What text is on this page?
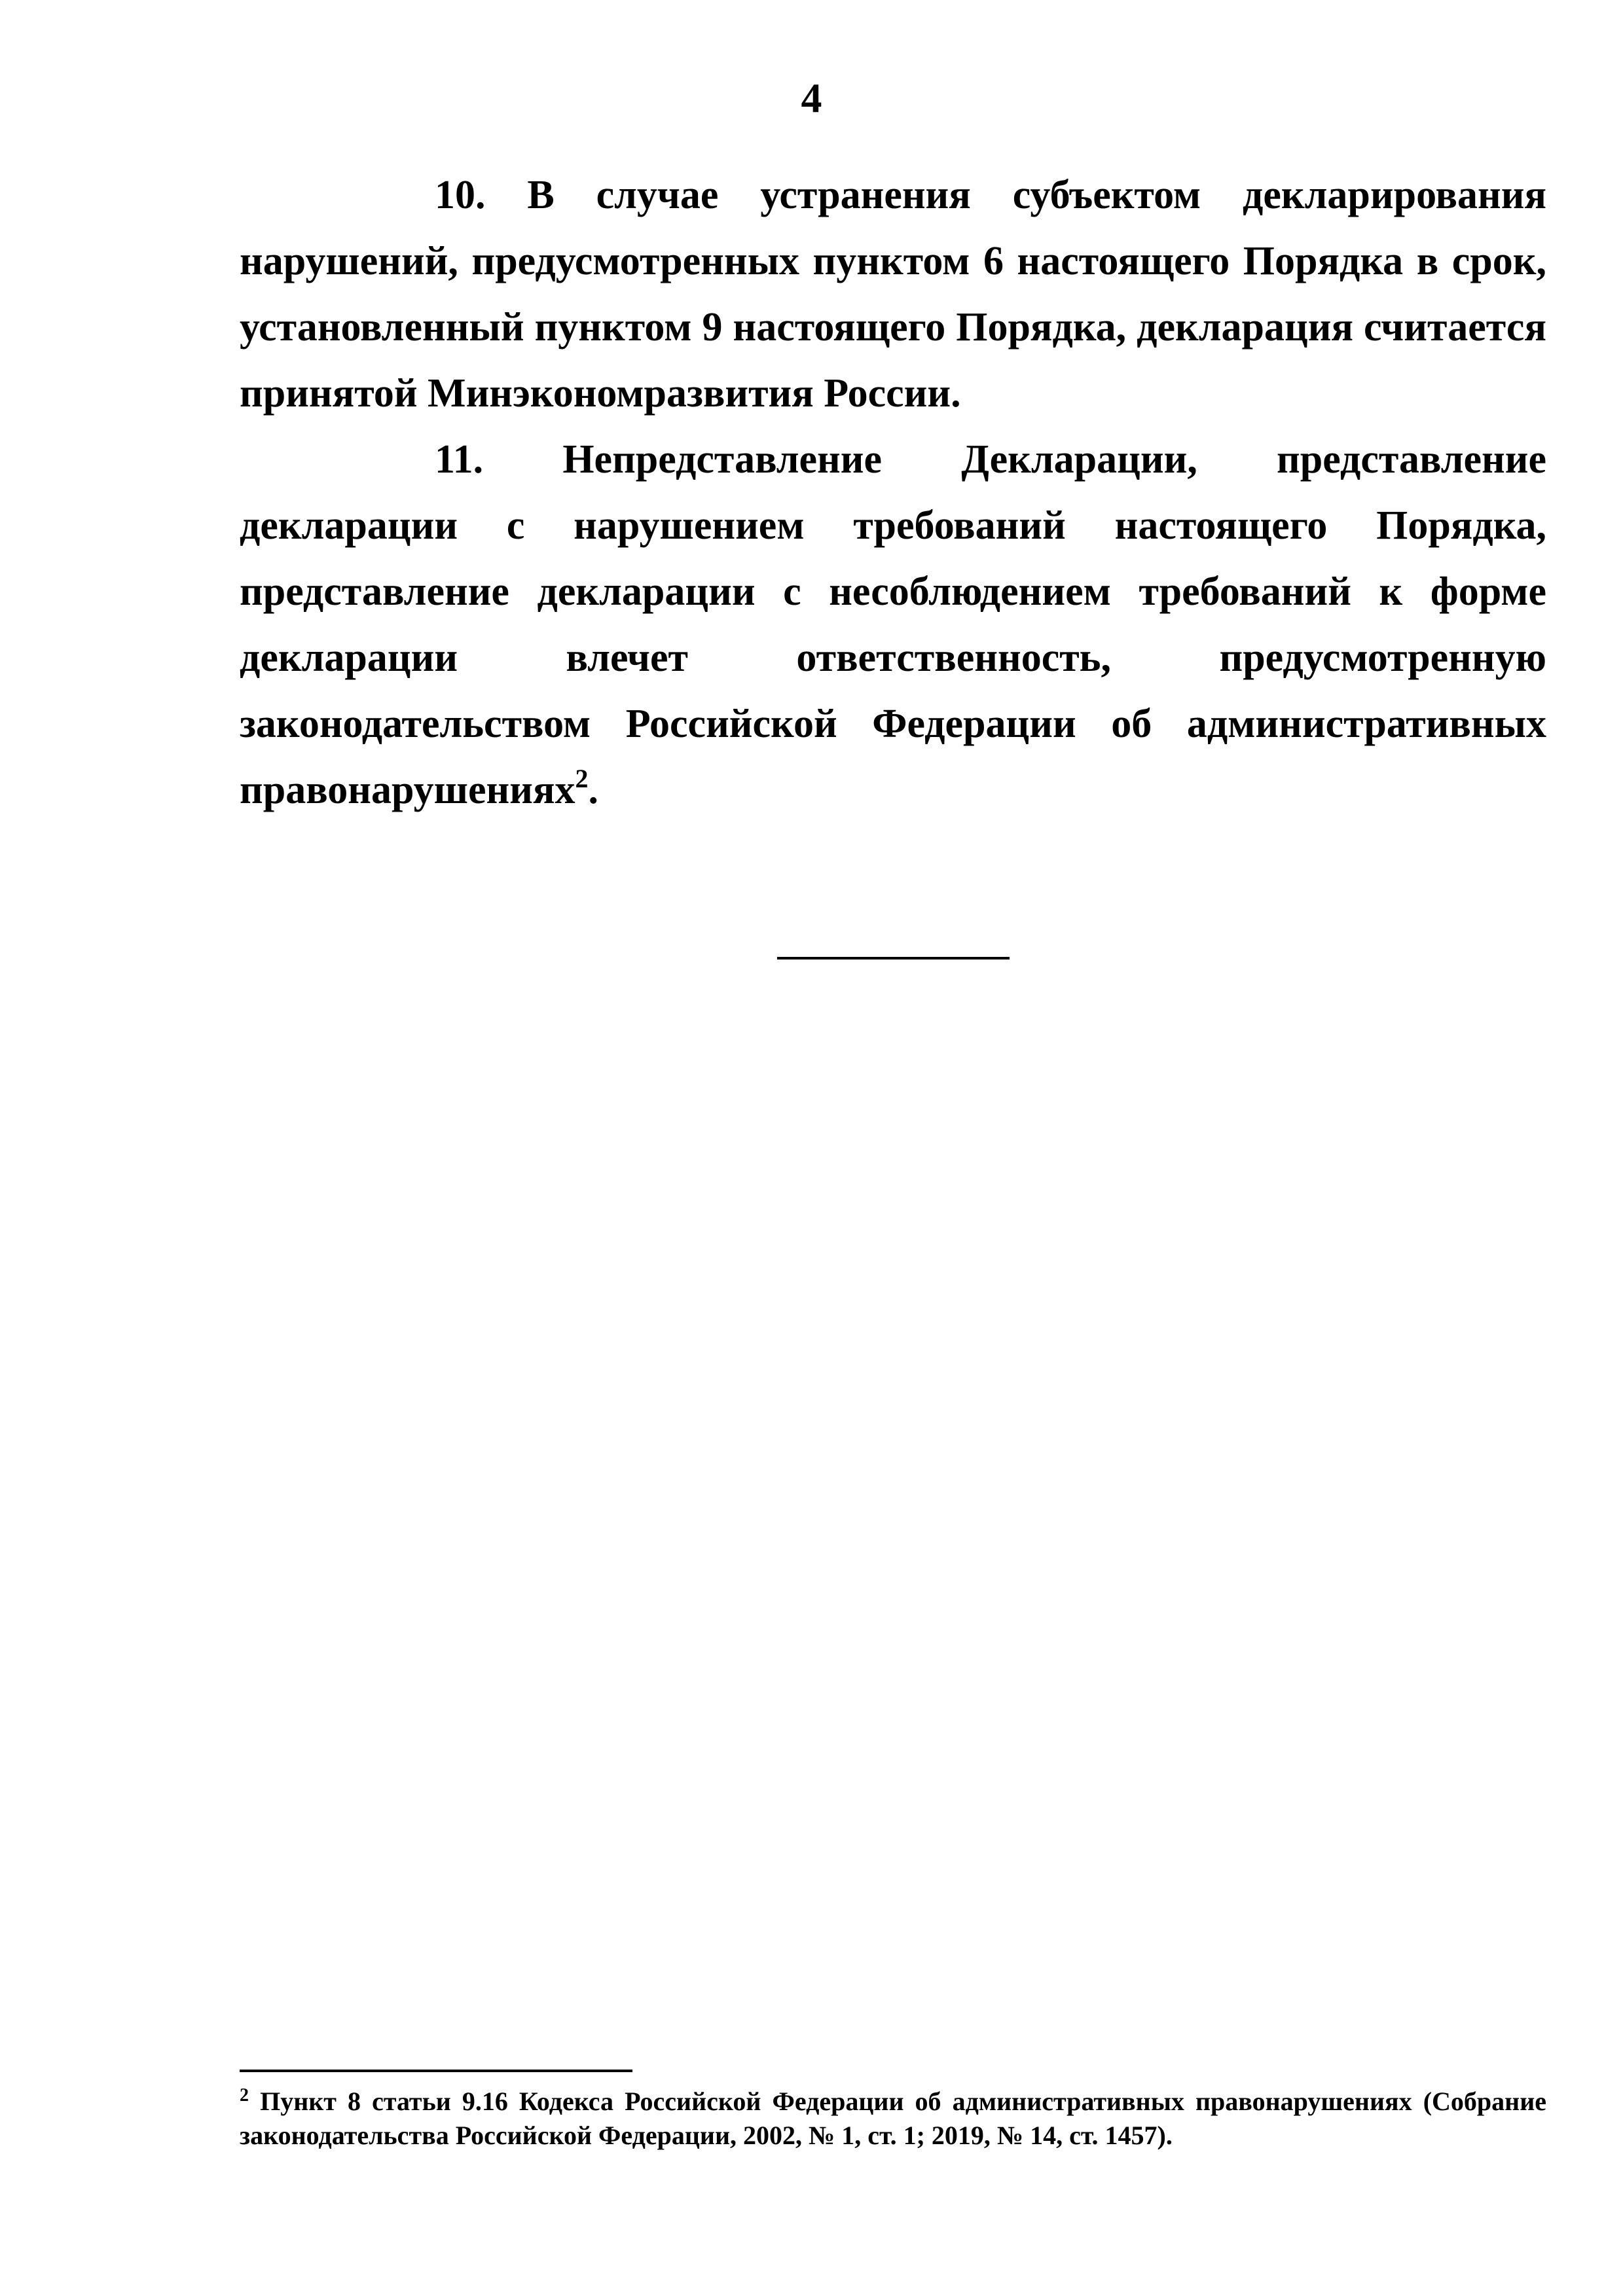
4

10. В случае устранения субъектом декларирования нарушений, предусмотренных пунктом 6 настоящего Порядка в срок, установленный пунктом 9 настоящего Порядка, декларация считается принятой Минэкономразвития России.

11. Непредставление Декларации, представление декларации с нарушением требований настоящего Порядка, представление декларации с несоблюдением требований к форме декларации влечет ответственность, предусмотренную законодательством Российской Федерации об административных правонарушениях$^2$.

$^2$ Пункт 8 статьи 9.16 Кодекса Российской Федерации об административных правонарушениях (Собрание законодательства Российской Федерации, 2002, № 1, ст. 1; 2019, № 14, ст. 1457).
